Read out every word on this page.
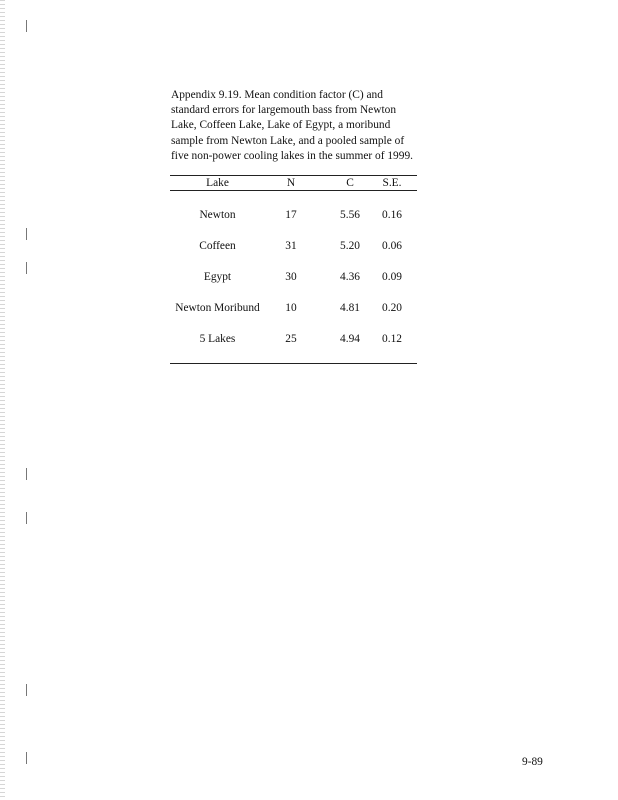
Appendix 9.19. Mean condition factor (C) and standard errors for largemouth bass from Newton Lake, Coffeen Lake, Lake of Egypt, a moribund sample from Newton Lake, and a pooled sample of five non-power cooling lakes in the summer of 1999.

Lake	N	C	S.E.
Newton	17	5.56	0.16
Coffeen	31	5.20	0.06
Egypt	30	4.36	0.09
Newton Moribund	10	4.81	0.20
5 Lakes	25	4.94	0.12
9-89
